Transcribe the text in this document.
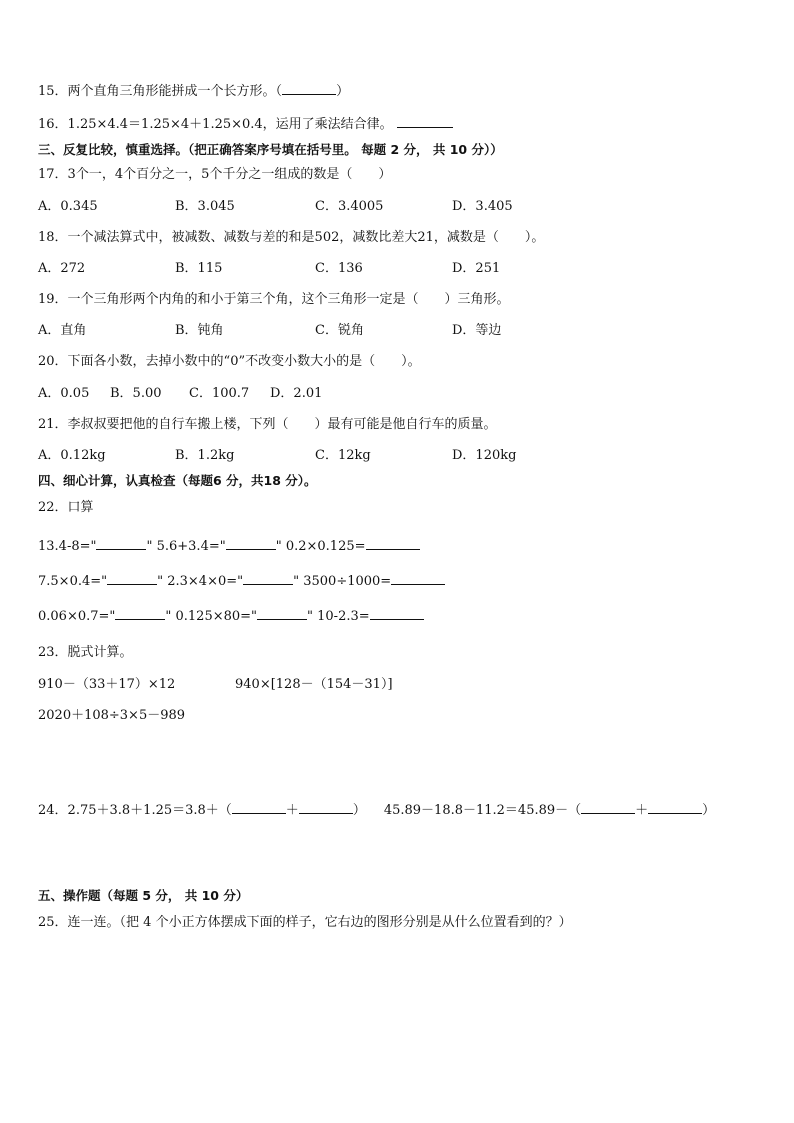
15．两个直角三角形能拼成一个长方形。（	）
16．1.25×4.4＝1.25×4＋1.25×0.4，运用了乘法结合律。
三、反复比较，慎重选择。（把正确答案序号填在括号里。 每题 2 分， 共 10 分））
17．3个一，4个百分之一，5个千分之一组成的数是（　　）
A．0.345	B．3.045	C．3.4005	D．3.405
18．一个减法算式中，被减数、减数与差的和是502，减数比差大21，减数是（　　）。
A．272	B．115	C．136	D．251
19．一个三角形两个内角的和小于第三个角，这个三角形一定是（　　）三角形。
A．直角	B．钝角	C．锐角	D．等边
20．下面各小数，去掉小数中的“0”不改变小数大小的是（　　）。
A．0.05 B．5.00 C．100.7 D．2.01
21．李叔叔要把他的自行车搬上楼，下列（　　）最有可能是他自行车的质量。
A．0.12kg	B．1.2kg	C．12kg	D．120kg
四、细心计算，认真检查（每题6 分，共18 分）。
22．口算
13.4-8="	" 5.6+3.4="	" 0.2×0.125=
7.5×0.4="	" 2.3×4×0="	" 3500÷1000=
0.06×0.7="	" 0.125×80="	" 10-2.3=
23．脱式计算。
910－（33＋17）×12	940×[128－（154－31）]
2020＋108÷3×5－989
24．2.75＋3.8＋1.25＝3.8＋（	＋	） 45.89－18.8－11.2＝45.89－（	＋	）
五、操作题（每题 5 分， 共 10 分）
25．连一连。（把 4 个小正方体摆成下面的样子，它右边的图形分别是从什么位置看到的？）
